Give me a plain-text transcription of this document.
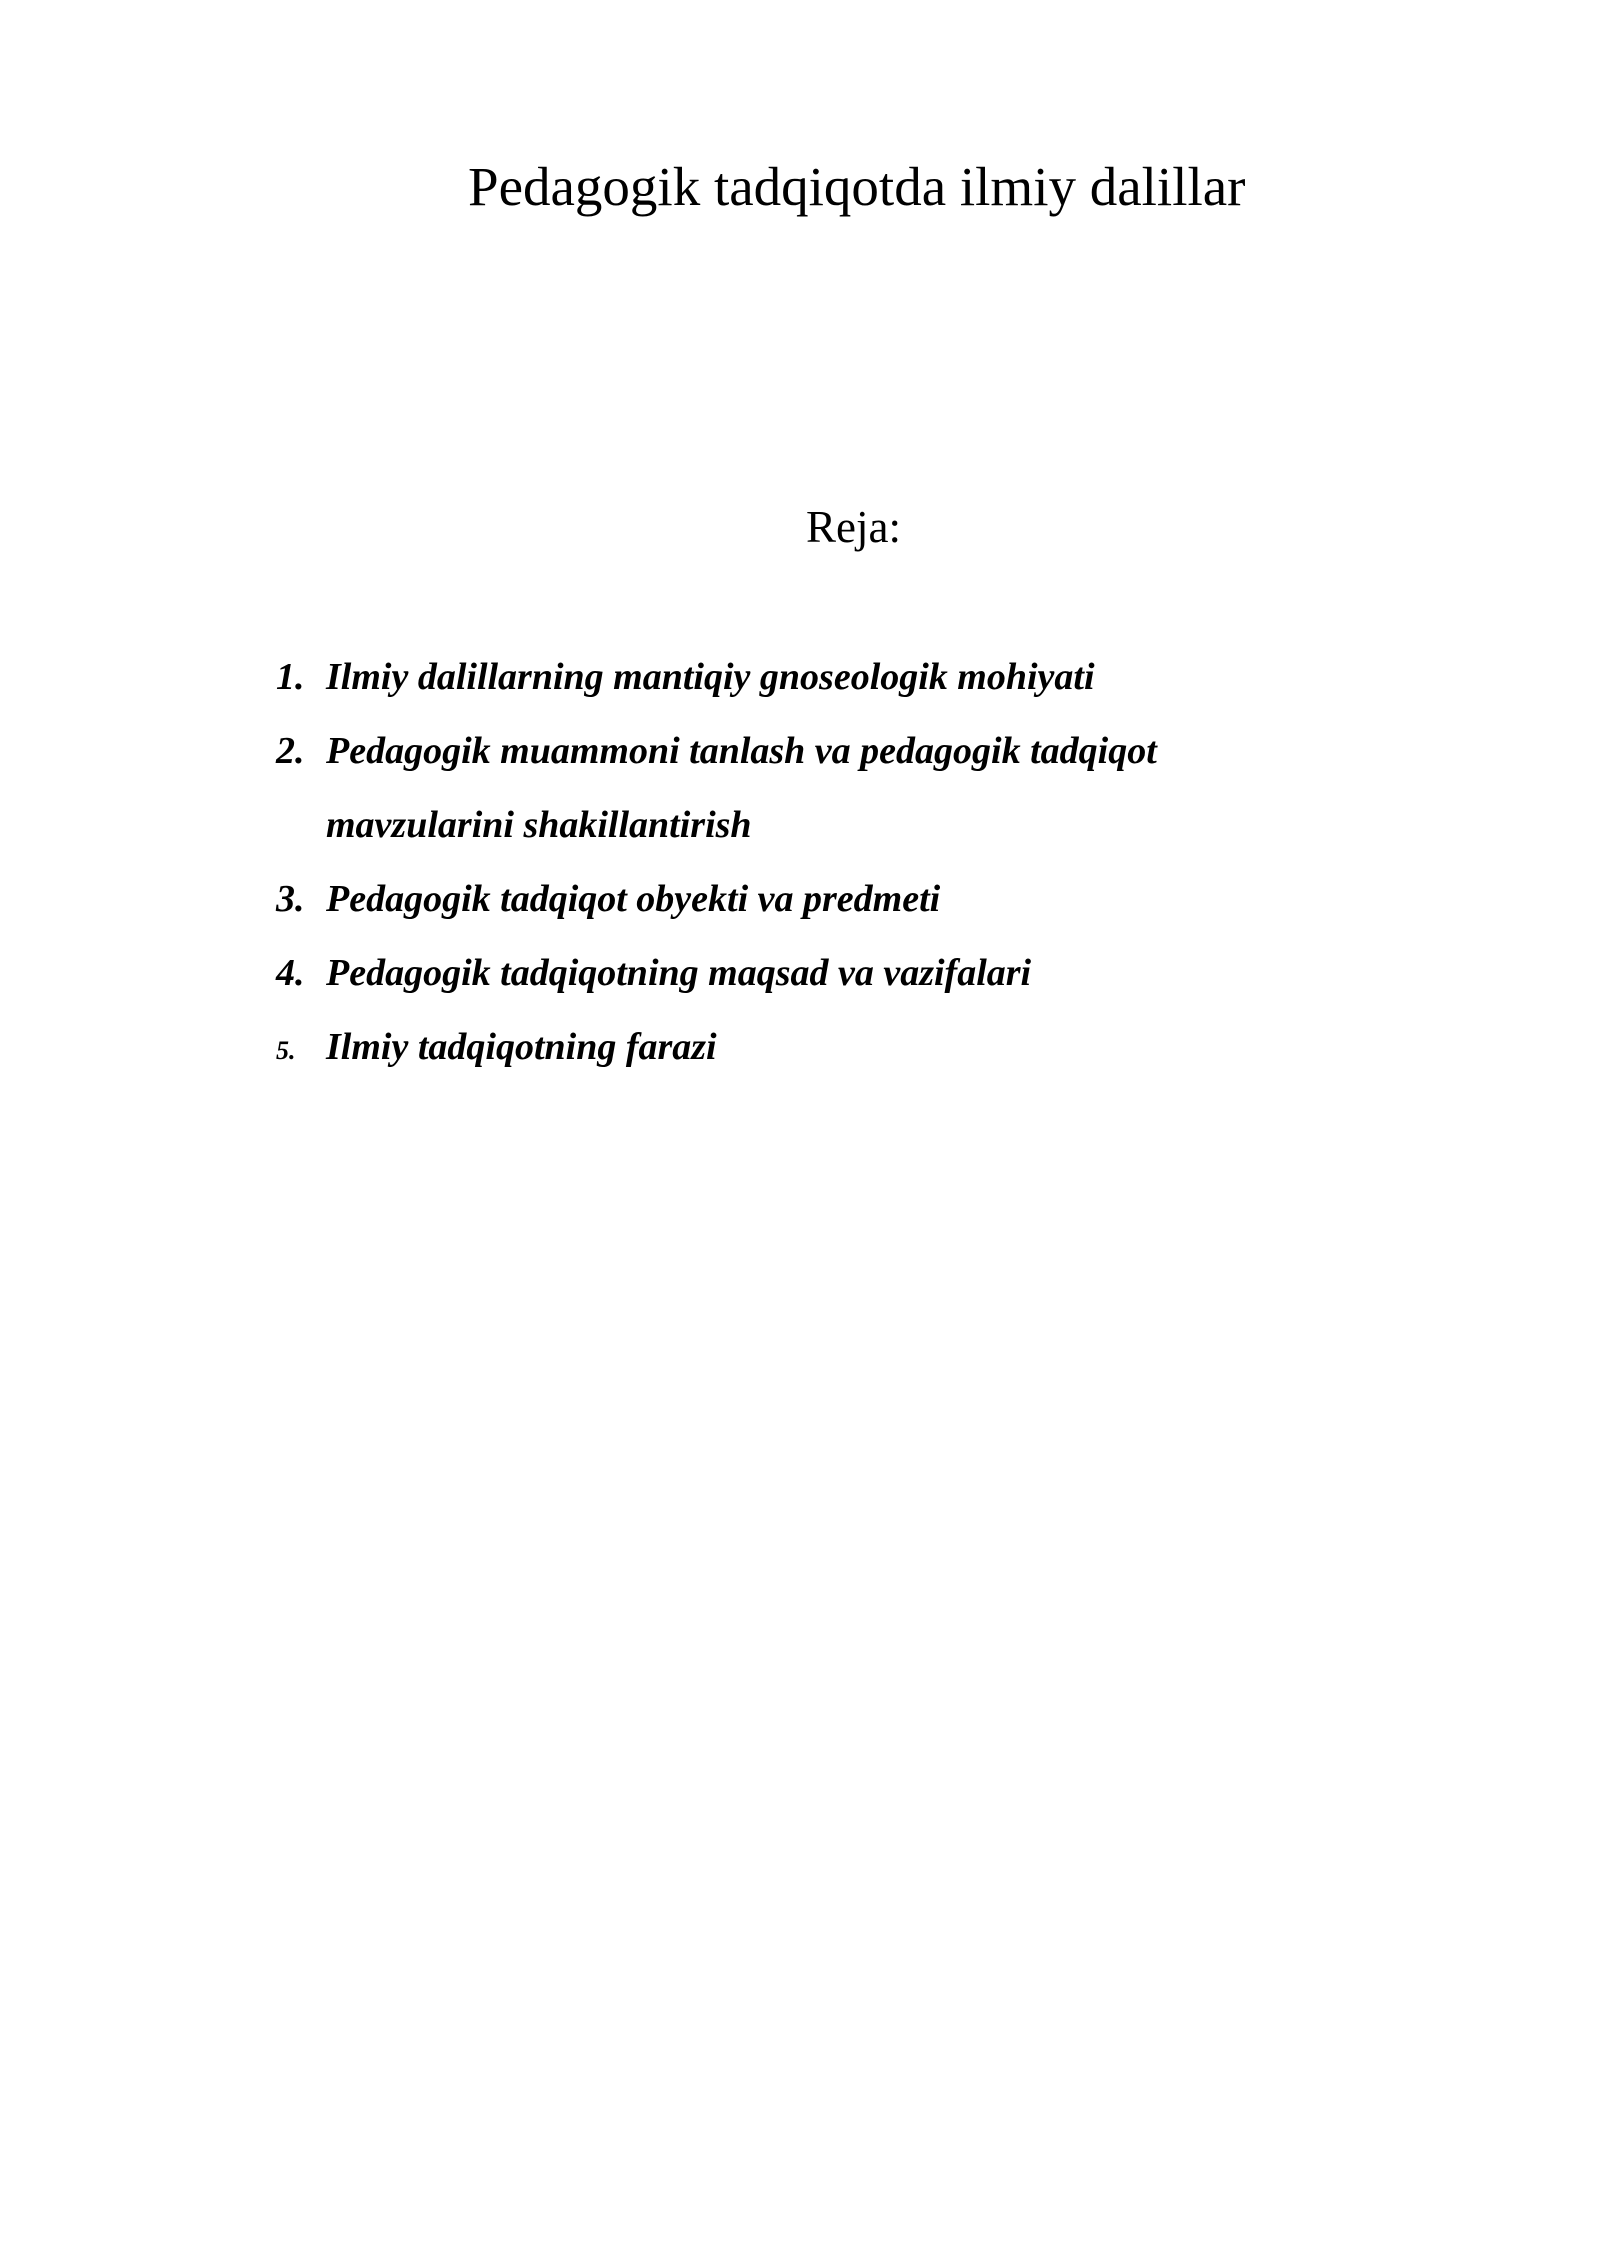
Pedagogik tadqiqotda ilmiy dalillar
Reja:
1. Ilmiy dalillarning mantiqiy gnoseologik mohiyati
2. Pedagogik muammoni tanlash va pedagogik tadqiqot mavzularini shakillantirish
3. Pedagogik tadqiqot obyekti va predmeti
4. Pedagogik tadqiqotning maqsad va vazifalari
5. Ilmiy tadqiqotning farazi
